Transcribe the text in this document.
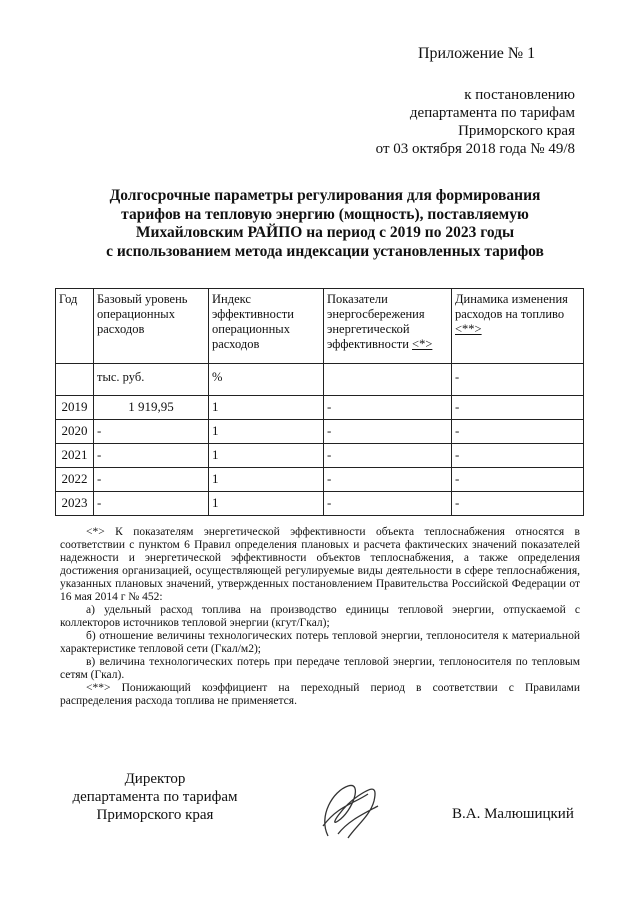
Приложение № 1
к постановлению
департамента по тарифам
Приморского края
от 03 октября 2018 года № 49/8
Долгосрочные параметры регулирования для формирования
тарифов на тепловую энергию (мощность), поставляемую
Михайловским РАЙПО на период с 2019 по 2023 годы
с использованием метода индексации установленных тарифов
Год	Базовый уровень операционных расходов	Индекс эффективности операционных расходов	Показатели энергосбережения энергетической эффективности <*>	Динамика изменения расходов на топливо <**>
	тыс. руб.	%		-
2019	1 919,95	1	-	-
2020	-	1	-	-
2021	-	1	-	-
2022	-	1	-	-
2023	-	1	-	-

<*> К показателям энергетической эффективности объекта теплоснабжения относятся в соответствии с пунктом 6 Правил определения плановых и расчета фактических значений показателей надежности и энергетической эффективности объектов теплоснабжения, а также определения достижения организацией, осуществляющей регулируемые виды деятельности в сфере теплоснабжения, указанных плановых значений, утвержденных постановлением Правительства Российской Федерации от 16 мая 2014 г № 452:

а) удельный расход топлива на производство единицы тепловой энергии, отпускаемой с коллекторов источников тепловой энергии (кгут/Гкал);

б) отношение величины технологических потерь тепловой энергии, теплоносителя к материальной характеристике тепловой сети (Гкал/м2);

в) величина технологических потерь при передаче тепловой энергии, теплоносителя по тепловым сетям (Гкал).

<**> Понижающий коэффициент на переходный период в соответствии с Правилами распределения расхода топлива не применяется.

Директор
департамента по тарифам
Приморского края	В.А. Малюшицкий
